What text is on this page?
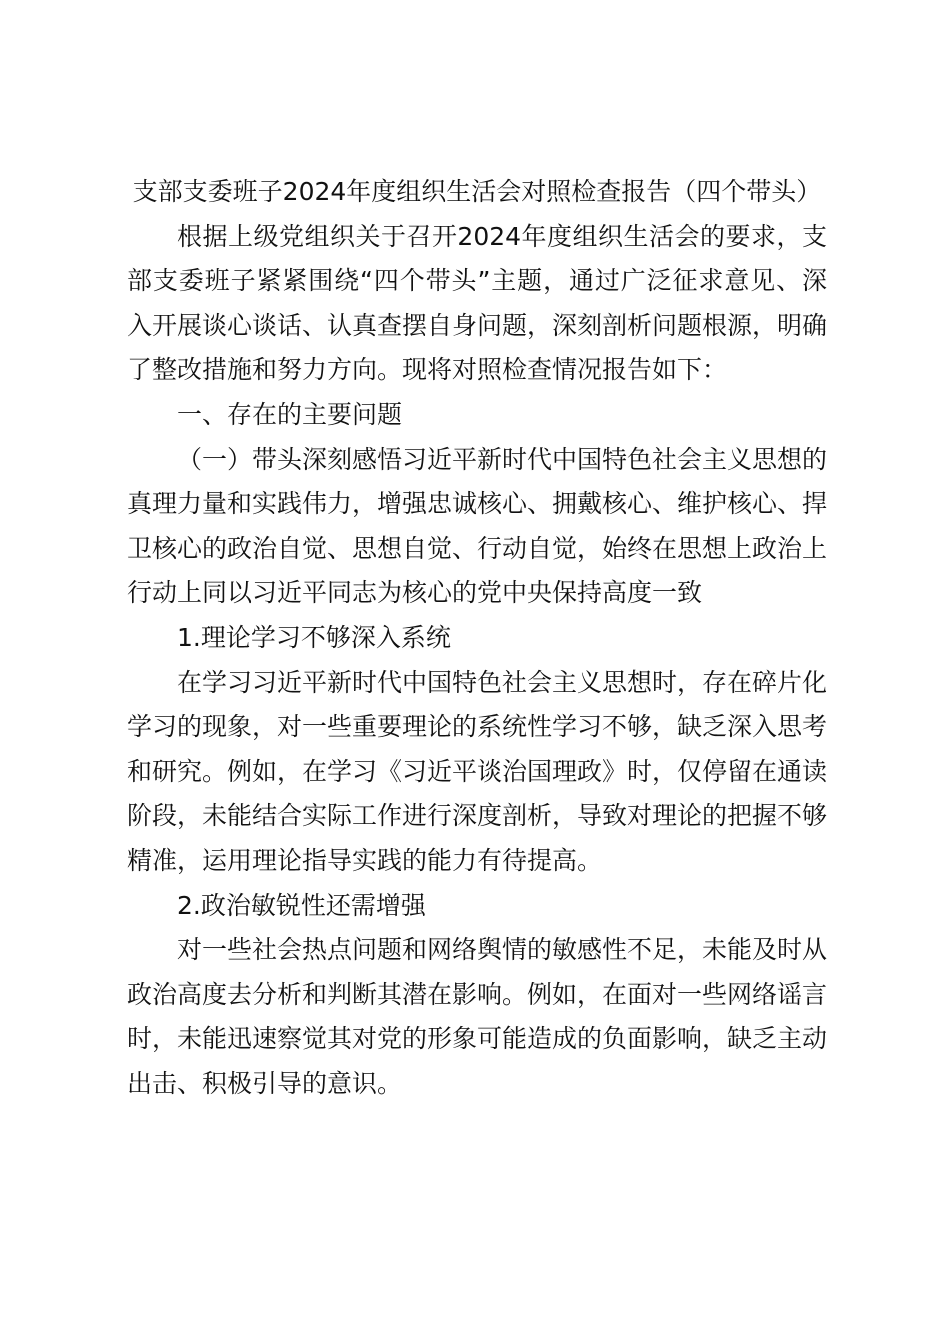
支部支委班子2024年度组织生活会对照检查报告（四个带头）

根据上级党组织关于召开2024年度组织生活会的要求，支部支委班子紧紧围绕“四个带头”主题，通过广泛征求意见、深入开展谈心谈话、认真查摆自身问题，深刻剖析问题根源，明确了整改措施和努力方向。现将对照检查情况报告如下：

一、存在的主要问题

（一）带头深刻感悟习近平新时代中国特色社会主义思想的真理力量和实践伟力，增强忠诚核心、拥戴核心、维护核心、捍卫核心的政治自觉、思想自觉、行动自觉，始终在思想上政治上行动上同以习近平同志为核心的党中央保持高度一致

1.理论学习不够深入系统

在学习习近平新时代中国特色社会主义思想时，存在碎片化学习的现象，对一些重要理论的系统性学习不够，缺乏深入思考和研究。例如，在学习《习近平谈治国理政》时，仅停留在通读阶段，未能结合实际工作进行深度剖析，导致对理论的把握不够精准，运用理论指导实践的能力有待提高。

2.政治敏锐性还需增强

对一些社会热点问题和网络舆情的敏感性不足，未能及时从政治高度去分析和判断其潜在影响。例如，在面对一些网络谣言时，未能迅速察觉其对党的形象可能造成的负面影响，缺乏主动出击、积极引导的意识。
